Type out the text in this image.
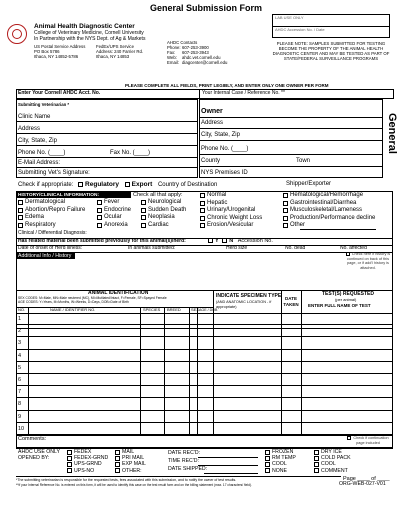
General Submission Form
LAB USE ONLY
AHDC Accession No. / Date
Animal Health Diagnostic Center
College of Veterinary Medicine, Cornell University
In Partnership with the NYS Dept. of Ag & Markets
US Postal Service Address
PO Box 5786
Ithaca, NY 14852-5786
FedEx/UPS Service
Address: 240 Farrier Rd.
Ithaca, NY 14853
AHDC Contacts
Phone: 607-253-3900
Fax: 607-253-3943
Web: ahdc.vet.cornell.edu
Email: diagcenter@cornell.edu
PLEASE NOTE: SAMPLES SUBMITTED FOR TESTING BECOME THE PROPERTY OF THE ANIMAL HEALTH DIAGNOSTIC CENTER AND MAY BE TESTED AS PART OF STATE/FEDERAL SURVEILLANCE PROGRAMS
PLEASE COMPLETE ALL FIELDS, PRINT LEGIBLY, AND ENTER ONLY ONE OWNER PER FORM
Enter Your Cornell AHDC Acct. No.	Your Internal Case / Reference No. **
General
Submitting Veterinarian *
Clinic Name
Address
City, State, Zip
Phone No. (____)	Fax No. (____)
E-Mail Address:
Submitting Vet's Signature:
Owner
Address
City, State, Zip
Phone No. (____)
County	Town
NYS Premises ID
Check if appropriate: Regulatory Export Country of Destination	Shipper/Exporter
HISTORY/CLINICAL INFORMATION:	Check all that apply:
Dermatological
Abortion/Repro Failure
Edema
Respiratory
Fever
Endocrine
Ocular
Anorexia
Neurological
Sudden Death
Neoplasia
Cardiac
Normal
Hepatic
Urinary/Urogenital
Chronic Weight Loss
Erosion/Vesicular
Hematological/Hemorrhage
Gastrointestinal/Diarrhea
Musculoskeletal/Lameness
Production/Performance decline
Other
Clinical / Differential Diagnosis:
Has related material been submitted previously for this animal(s)/herd:	Y N Accession No.
Date of onset of Herd illness:	In animals submitted:	Herd size	No. dead	No. affected
Additional Info / History	Check here if history is continued on back of this page, or if add'l history is attached.
ANIMAL IDENTIFICATION
SEX CODES: M=Male, MN=Male neutered (MC), MI=Mutilated/Intact, F=Female, SF=Spayed Female
AGE CODES: Y=Years, M=Months, W=Weeks, D=Days, DOB=Date of Birth
NO.	NAME / IDENTIFIER NO.	SPECIES BREED	SEX AGE / DOB
INDICATE SPECIMEN TYPE
(AND ANATOMIC LOCATION - if appropriate)
DATE TAKEN
TEST(S) REQUESTED
(per animal)
ENTER FULL NAME OF TEST
1
2
3
4
5
6
7
8
9
10
Comments:	Check if continuation page included
AHDC USE ONLY
OPENED BY:
FEDEX
FEDEX-GRND
UPS-GRND
UPS-NO
MAIL
PRI MAIL
EXP MAIL
OTHER:
DATE REC'D:
TIME REC'D:
DATE SHIPPED:
FROZEN
RM TEMP
COOL
NONE
DRY ICE
COLD PACK
COOL
COMMENT
Page ____ of ____
*The submitting veterinarian is responsible for the requested tests, fees associated with this submission, and to notify the owner of test results.
ORG-WEB-027-V01
**If your Internal Reference No. is entered on this form, it will be used to identify this case on the test result form and on the billing statement (max. 17 characters/ field).
